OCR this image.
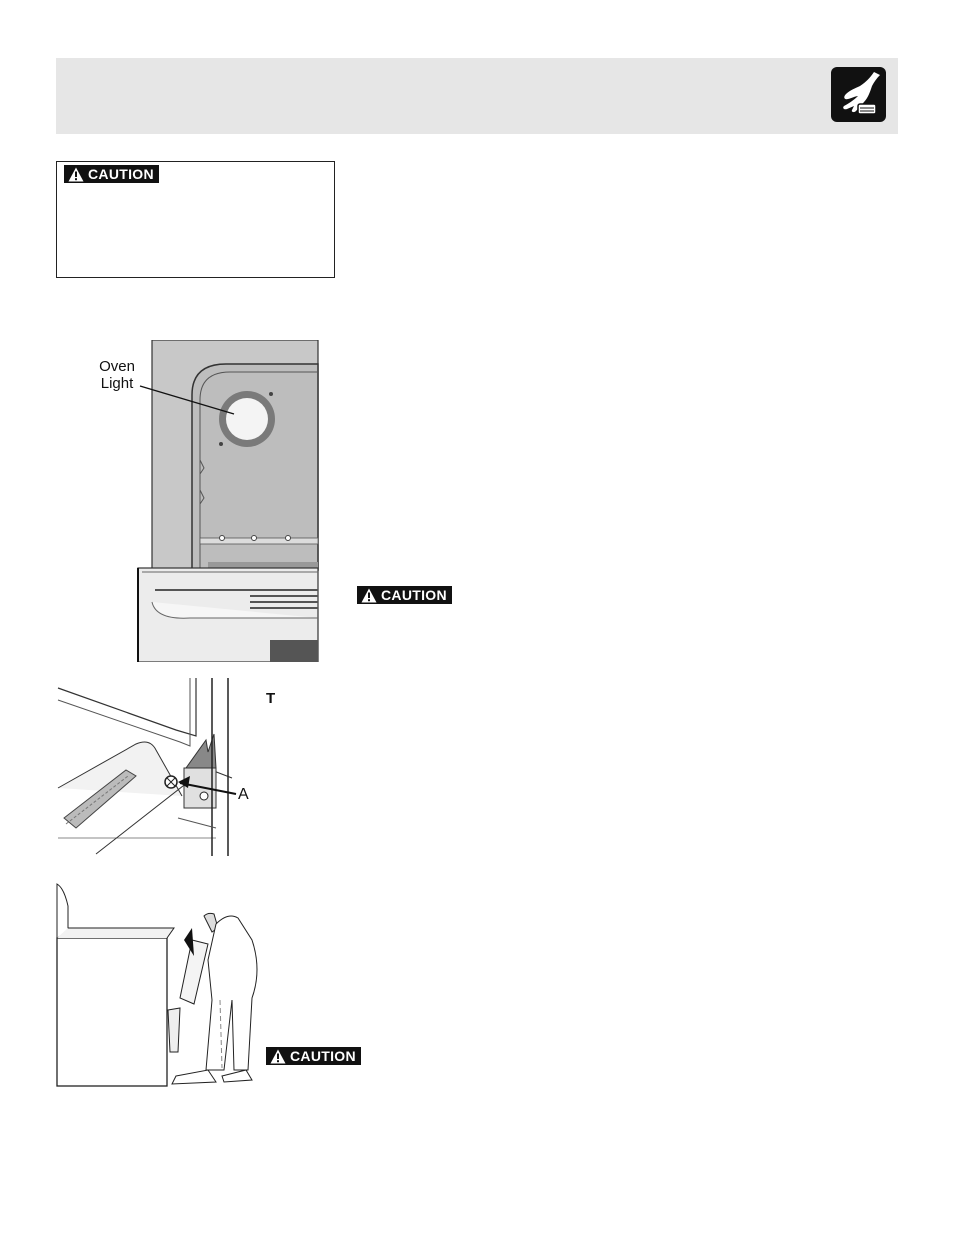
CAUTION
Oven
Light
CAUTION
A
T
CAUTION
